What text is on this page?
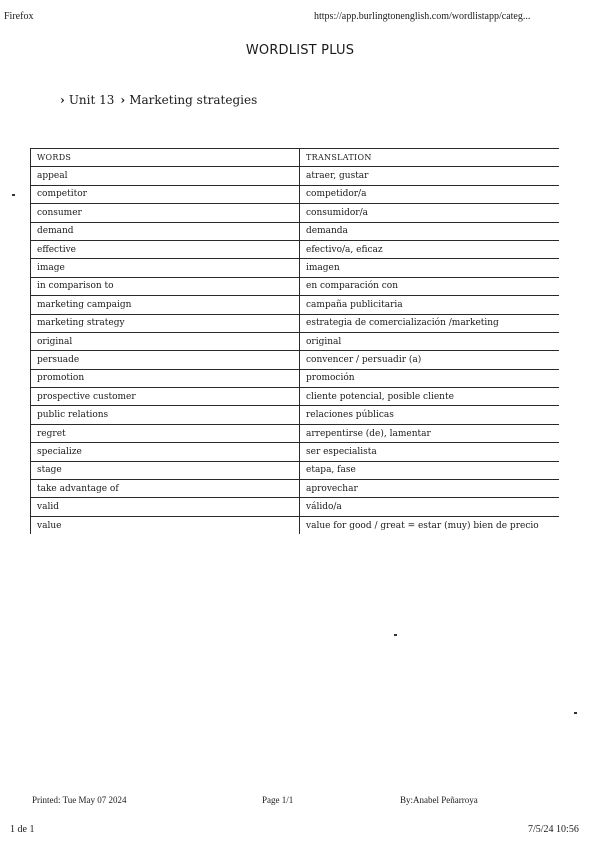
Firefox	https://app.burlingtonenglish.com/wordlistapp/categ...
WORDLIST PLUS
› Unit 13 › Marketing strategies
WORDS	TRANSLATION
appeal	atraer, gustar
competitor	competidor/a
consumer	consumidor/a
demand	demanda
effective	efectivo/a, eficaz
image	imagen
in comparison to	en comparación con
marketing campaign	campaña publicitaria
marketing strategy	estrategia de comercialización /marketing
original	original
persuade	convencer / persuadir (a)
promotion	promoción
prospective customer	cliente potencial, posible cliente
public relations	relaciones públicas
regret	arrepentirse (de), lamentar
specialize	ser especialista
stage	etapa, fase
take advantage of	aprovechar
valid	válido/a
value	value for good / great = estar (muy) bien de precio
Printed: Tue May 07 2024	Page 1/1	By:Anabel Peñarroya
1 de 1	7/5/24 10:56
